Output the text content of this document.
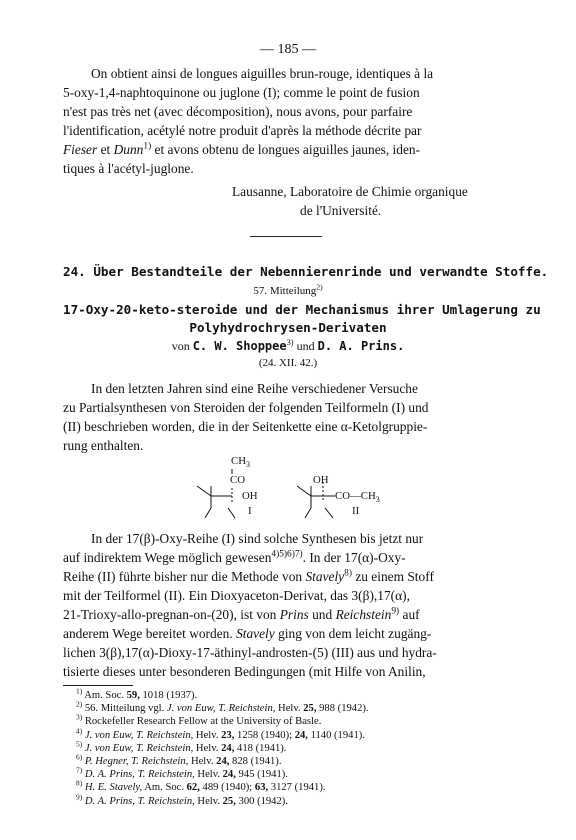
— 185 —
On obtient ainsi de longues aiguilles brun-rouge, identiques à la
5-oxy-1,4-naphtoquinone ou juglone (I); comme le point de fusion
n'est pas très net (avec décomposition), nous avons, pour parfaire
l'identification, acétylé notre produit d'après la méthode décrite par
Fieser et Dunn$^{1)}$ et avons obtenu de longues aiguilles jaunes, iden-
tiques à l'acétyl-juglone.
Lausanne, Laboratoire de Chimie organique
de l'Université.
24. Über Bestandteile der Nebennierenrinde und verwandte Stoffe.
57. Mitteilung$^{2)}$
17-Oxy-20-keto-steroide und der Mechanismus ihrer Umlagerung zu
Polyhydrochrysen-Derivaten
von C. W. Shoppee$^{3)}$ und D. A. Prins.
(24. XII. 42.)
In den letzten Jahren sind eine Reihe verschiedener Versuche
zu Partialsynthesen von Steroiden der folgenden Teilformeln (I) und
(II) beschrieben worden, die in der Seitenkette eine α-Ketolgruppie-
rung enthalten.
$CH_3$
CO
OH
I
OH
$CO—CH_3$
II
In der 17(β)-Oxy-Reihe (I) sind solche Synthesen bis jetzt nur
auf indirektem Wege möglich gewesen$^{4)5)6)7)}$. In der 17(α)-Oxy-
Reihe (II) führte bisher nur die Methode von Stavely$^{8)}$ zu einem Stoff
mit der Teilformel (II). Ein Dioxyaceton-Derivat, das 3(β),17(α),
21-Trioxy-allo-pregnan-on-(20), ist von Prins und Reichstein$^{9)}$ auf
anderem Wege bereitet worden. Stavely ging von dem leicht zugäng-
lichen 3(β),17(α)-Dioxy-17-äthinyl-androsten-(5) (III) aus und hydra-
tisierte dieses unter besonderen Bedingungen (mit Hilfe von Anilin,
$^{1)}$ Am. Soc. 59, 1018 (1937).
$^{2)}$ 56. Mitteilung vgl. J. von Euw, T. Reichstein, Helv. 25, 988 (1942).
$^{3)}$ Rockefeller Research Fellow at the University of Basle.
$^{4)}$ J. von Euw, T. Reichstein, Helv. 23, 1258 (1940); 24, 1140 (1941).
$^{5)}$ J. von Euw, T. Reichstein, Helv. 24, 418 (1941).
$^{6)}$ P. Hegner, T. Reichstein, Helv. 24, 828 (1941).
$^{7)}$ D. A. Prins, T. Reichstein, Helv. 24, 945 (1941).
$^{8)}$ H. E. Stavely, Am. Soc. 62, 489 (1940); 63, 3127 (1941).
$^{9)}$ D. A. Prins, T. Reichstein, Helv. 25, 300 (1942).
